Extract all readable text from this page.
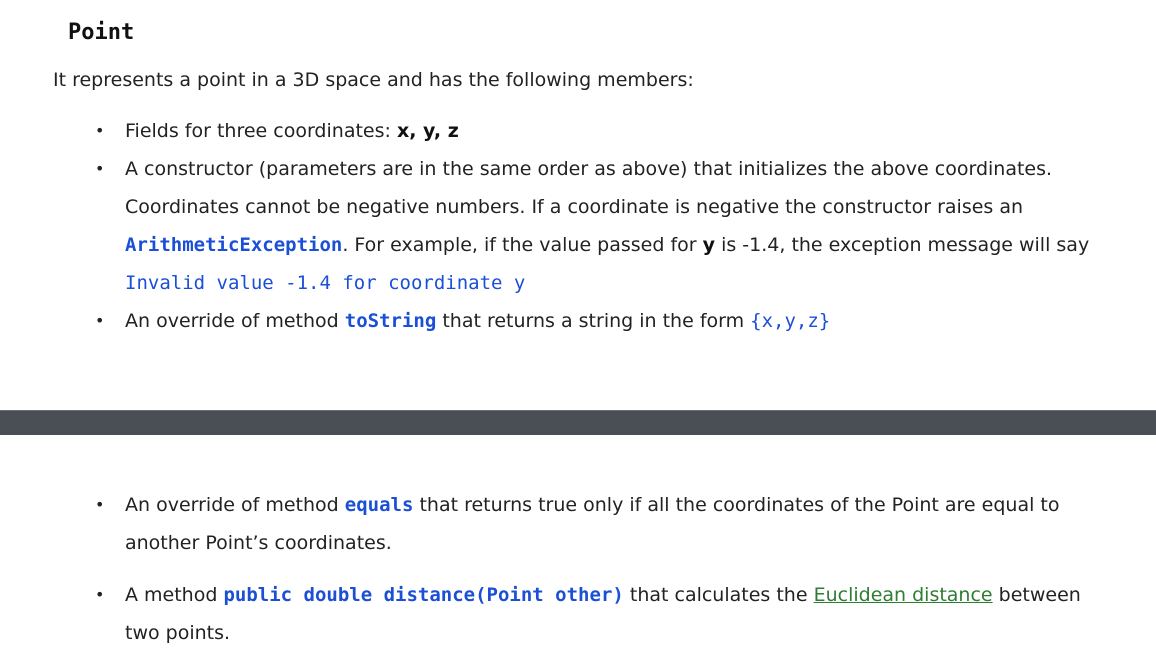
Point

It represents a point in a 3D space and has the following members:

• Fields for three coordinates: x, y, z
• A constructor (parameters are in the same order as above) that initializes the above coordinates. Coordinates cannot be negative numbers. If a coordinate is negative the constructor raises an ArithmeticException. For example, if the value passed for y is -1.4, the exception message will say Invalid value -1.4 for coordinate y
• An override of method toString that returns a string in the form {x,y,z}
• An override of method equals that returns true only if all the coordinates of the Point are equal to another Point’s coordinates.
• A method public double distance(Point other) that calculates the Euclidean distance between two points.
